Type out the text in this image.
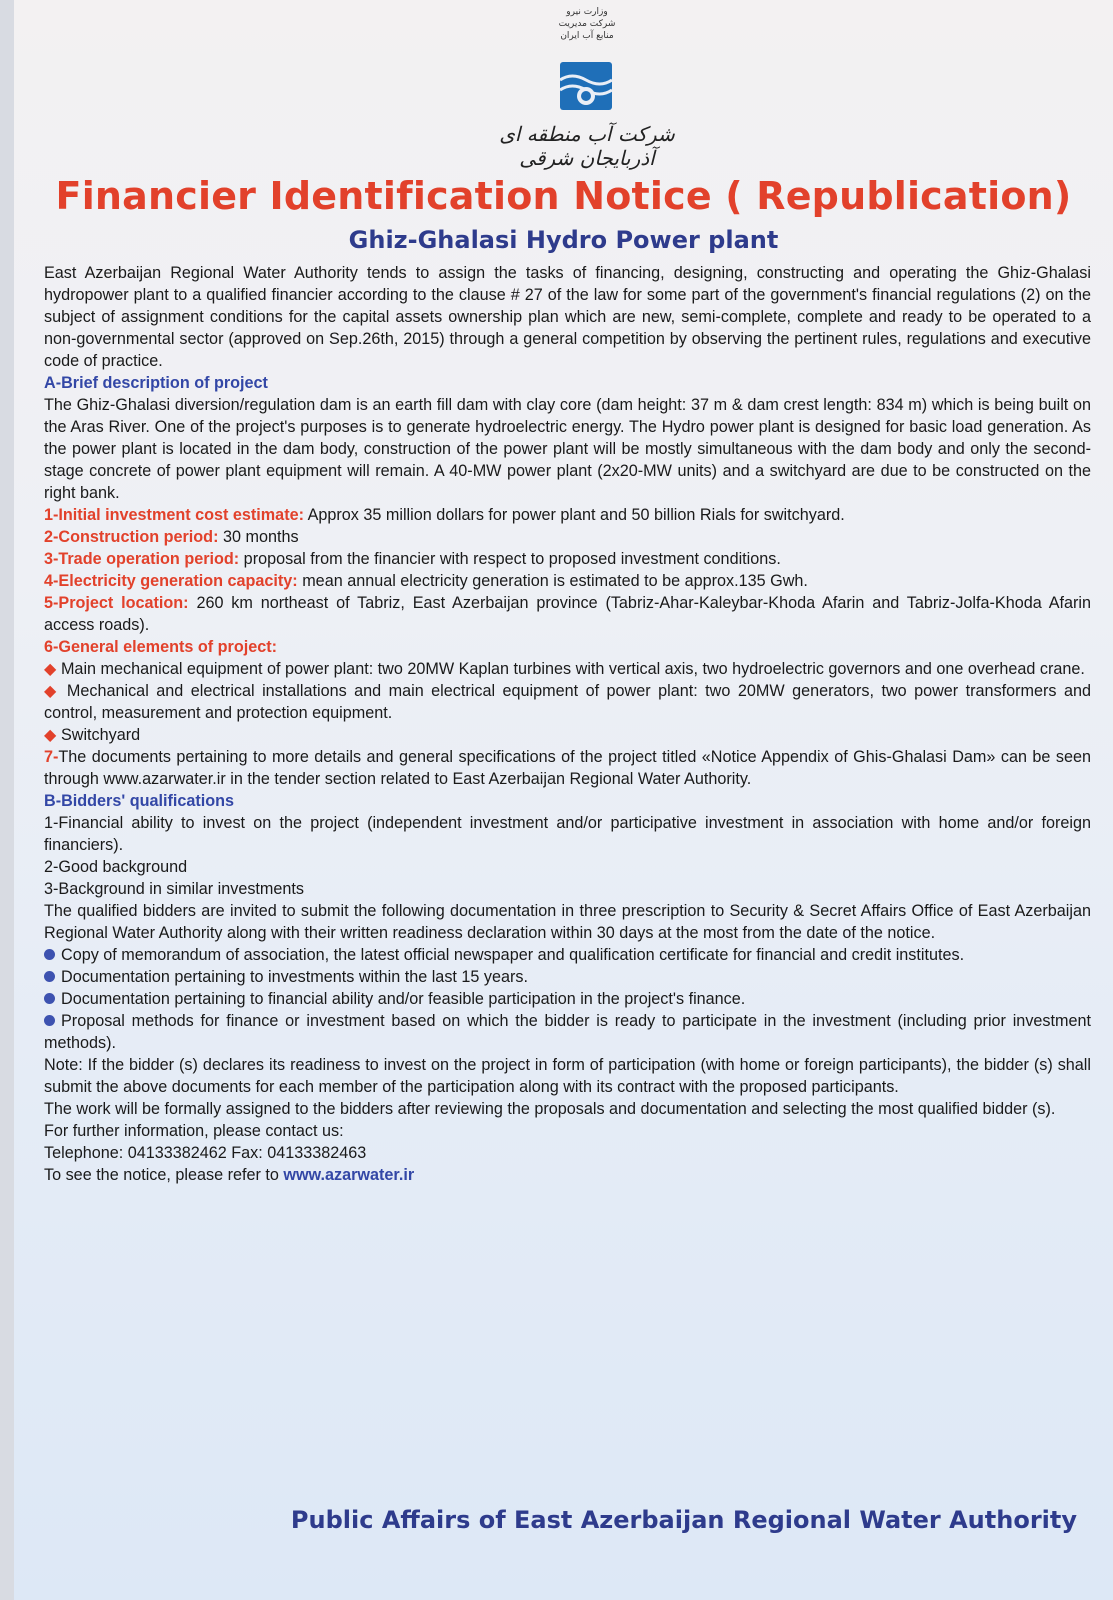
وزارت نیرو
شرکت مدیریت منابع آب ایران
شرکت آب منطقه ای آذربایجان شرقی
Financier Identification Notice ( Republication)
Ghiz-Ghalasi Hydro Power plant

East Azerbaijan Regional Water Authority tends to assign the tasks of financing, designing, constructing and operating the Ghiz-Ghalasi hydropower plant to a qualified financier according to the clause # 27 of the law for some part of the government's financial regulations (2) on the subject of assignment conditions for the capital assets ownership plan which are new, semi-complete, complete and ready to be operated to a non-governmental sector (approved on Sep.26th, 2015) through a general competition by observing the pertinent rules, regulations and executive code of practice.

A-Brief description of project

The Ghiz-Ghalasi diversion/regulation dam is an earth fill dam with clay core (dam height: 37 m & dam crest length: 834 m) which is being built on the Aras River. One of the project's purposes is to generate hydroelectric energy. The Hydro power plant is designed for basic load generation. As the power plant is located in the dam body, construction of the power plant will be mostly simultaneous with the dam body and only the second-stage concrete of power plant equipment will remain. A 40-MW power plant (2x20-MW units) and a switchyard are due to be constructed on the right bank.

1-Initial investment cost estimate: Approx 35 million dollars for power plant and 50 billion Rials for switchyard.

2-Construction period: 30 months

3-Trade operation period: proposal from the financier with respect to proposed investment conditions.

4-Electricity generation capacity: mean annual electricity generation is estimated to be approx.135 Gwh.

5-Project location: 260 km northeast of Tabriz, East Azerbaijan province (Tabriz-Ahar-Kaleybar-Khoda Afarin and Tabriz-Jolfa-Khoda Afarin access roads).

6-General elements of project:

◆ Main mechanical equipment of power plant: two 20MW Kaplan turbines with vertical axis, two hydroelectric governors and one overhead crane.

◆ Mechanical and electrical installations and main electrical equipment of power plant: two 20MW generators, two power transformers and control, measurement and protection equipment.

◆ Switchyard

7-The documents pertaining to more details and general specifications of the project titled «Notice Appendix of Ghis-Ghalasi Dam» can be seen through www.azarwater.ir in the tender section related to East Azerbaijan Regional Water Authority.

B-Bidders' qualifications

1-Financial ability to invest on the project (independent investment and/or participative investment in association with home and/or foreign financiers).

2-Good background

3-Background in similar investments

The qualified bidders are invited to submit the following documentation in three prescription to Security & Secret Affairs Office of East Azerbaijan Regional Water Authority along with their written readiness declaration within 30 days at the most from the date of the notice.

Copy of memorandum of association, the latest official newspaper and qualification certificate for financial and credit institutes.

Documentation pertaining to investments within the last 15 years.

Documentation pertaining to financial ability and/or feasible participation in the project's finance.

Proposal methods for finance or investment based on which the bidder is ready to participate in the investment (including prior investment methods).

Note: If the bidder (s) declares its readiness to invest on the project in form of participation (with home or foreign participants), the bidder (s) shall submit the above documents for each member of the participation along with its contract with the proposed participants.

The work will be formally assigned to the bidders after reviewing the proposals and documentation and selecting the most qualified bidder (s).

For further information, please contact us:

Telephone: 04133382462 Fax: 04133382463

To see the notice, please refer to www.azarwater.ir

Public Affairs of East Azerbaijan Regional Water Authority
